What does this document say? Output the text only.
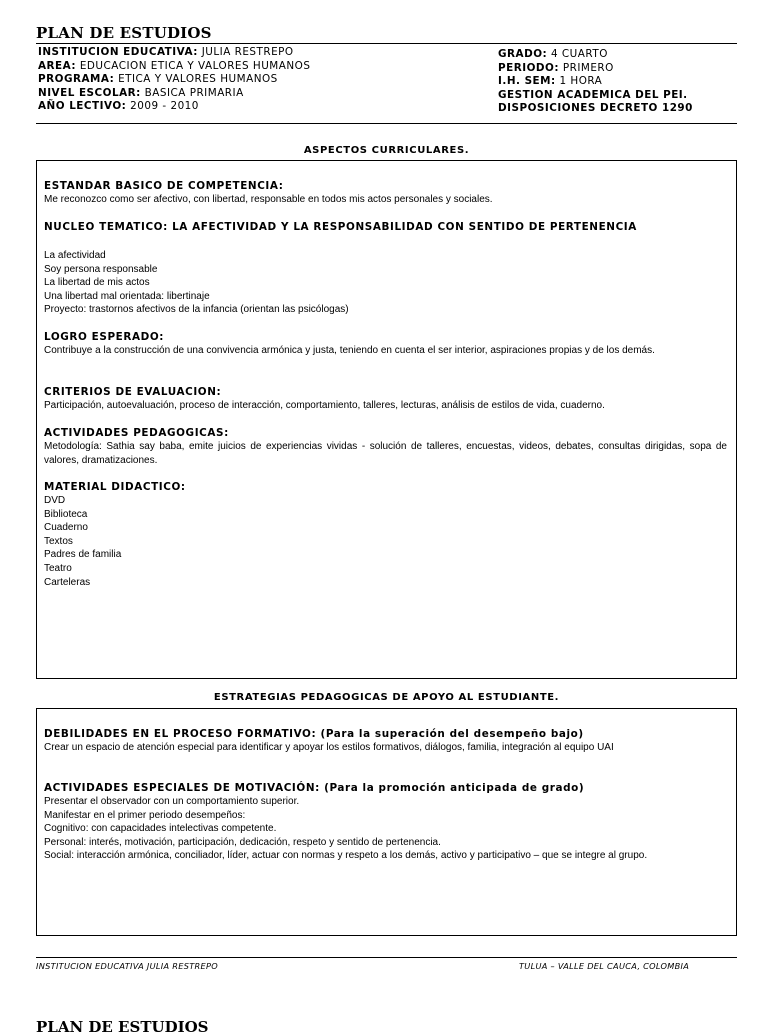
PLAN DE ESTUDIOS
INSTITUCION EDUCATIVA: JULIA RESTREPO
AREA: EDUCACION ETICA Y VALORES HUMANOS
PROGRAMA: ETICA Y VALORES HUMANOS
NIVEL ESCOLAR: BASICA PRIMARIA
AÑO LECTIVO: 2009 - 2010
GRADO: 4 CUARTO
PERIODO: PRIMERO
I.H. SEM: 1 HORA
GESTION ACADEMICA DEL PEI.
DISPOSICIONES DECRETO 1290
ASPECTOS CURRICULARES.
ESTANDAR BASICO DE COMPETENCIA:
Me reconozco como ser afectivo, con libertad, responsable en todos mis actos personales y sociales.
NUCLEO TEMATICO: LA AFECTIVIDAD Y LA RESPONSABILIDAD CON SENTIDO DE PERTENENCIA
La afectividad
Soy persona responsable
La libertad de mis actos
Una libertad mal orientada: libertinaje
Proyecto: trastornos afectivos de la infancia (orientan las psicólogas)
LOGRO ESPERADO:
Contribuye a la construcción de una convivencia armónica y justa, teniendo en cuenta el ser interior, aspiraciones propias y de los demás.
CRITERIOS DE EVALUACION:
Participación, autoevaluación, proceso de interacción, comportamiento, talleres, lecturas, análisis de estilos de vida, cuaderno.
ACTIVIDADES PEDAGOGICAS:
Metodología: Sathia say baba, emite juicios de experiencias vividas - solución de talleres, encuestas, videos, debates, consultas dirigidas, sopa de valores, dramatizaciones.
MATERIAL DIDACTICO:
DVD
Biblioteca
Cuaderno
Textos
Padres de familia
Teatro
Carteleras
ESTRATEGIAS PEDAGOGICAS DE APOYO AL ESTUDIANTE.
DEBILIDADES EN EL PROCESO FORMATIVO: (Para la superación del desempeño bajo)
Crear un espacio de atención especial para identificar y apoyar los estilos formativos, diálogos, familia, integración al equipo UAI
ACTIVIDADES ESPECIALES DE MOTIVACIÓN: (Para la promoción anticipada de grado)
Presentar el observador con un comportamiento superior.
Manifestar en el primer periodo desempeños:
Cognitivo: con capacidades intelectivas competente.
Personal: interés, motivación, participación, dedicación, respeto y sentido de pertenencia.
Social: interacción armónica, conciliador, líder, actuar con normas y respeto a los demás, activo y participativo – que se integre al grupo.
INSTITUCION EDUCATIVA JULIA RESTREPO	TULUA – VALLE DEL CAUCA, COLOMBIA
PLAN DE ESTUDIOS
